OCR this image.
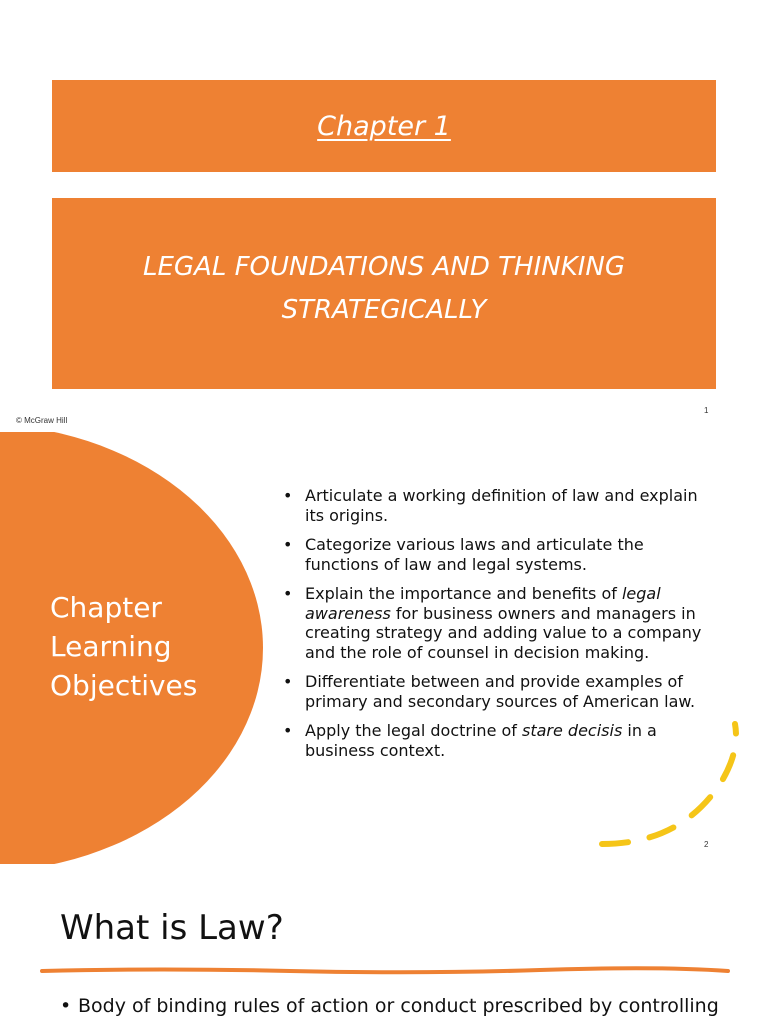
Chapter 1
LEGAL FOUNDATIONS AND THINKING STRATEGICALLY
© McGraw Hill
1
Chapter
Learning
Objectives
• Articulate a working definition of law and explain its origins.
• Categorize various laws and articulate the functions of law and legal systems.
• Explain the importance and benefits of legal awareness for business owners and managers in creating strategy and adding value to a company and the role of counsel in decision making.
• Differentiate between and provide examples of primary and secondary sources of American law.
• Apply the legal doctrine of stare decisis in a business context.
2
What is Law?
• Body of binding rules of action or conduct prescribed by controlling
